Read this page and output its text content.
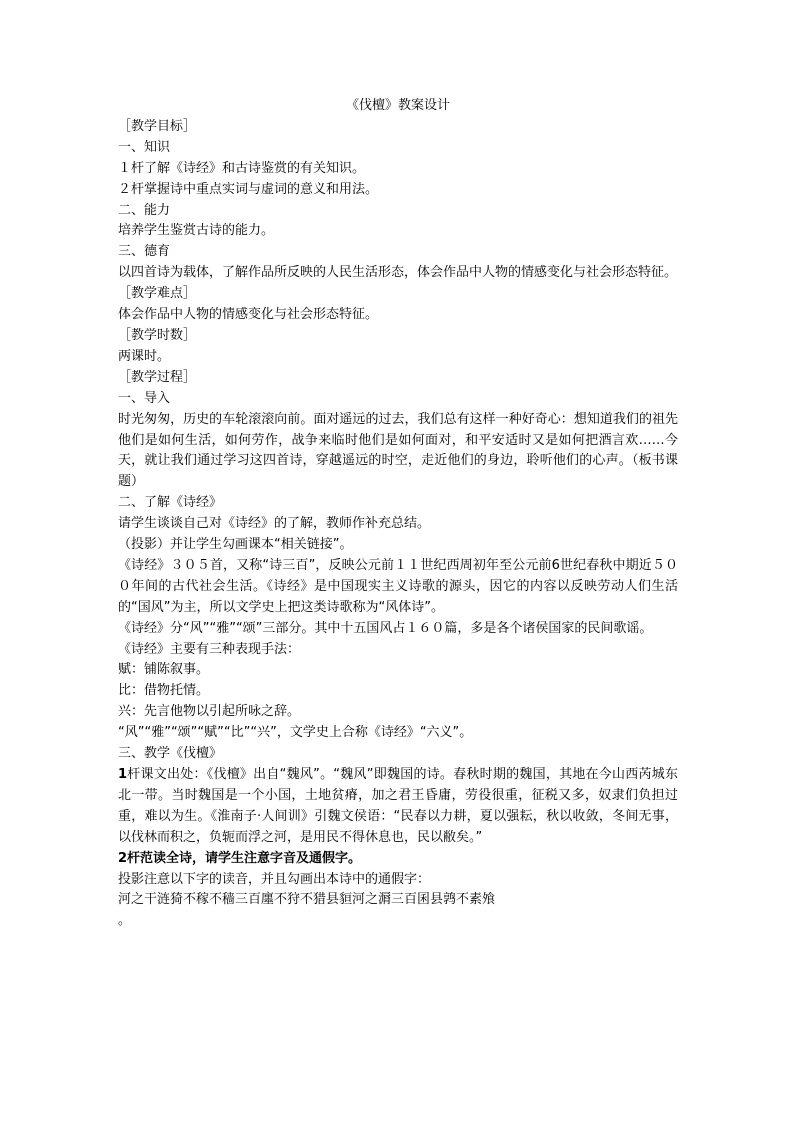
《伐檀》教案设计

［教学目标］

一、知识

１杆了解《诗经》和古诗鉴赏的有关知识。

２杆掌握诗中重点实词与虚词的意义和用法。

二、能力

培养学生鉴赏古诗的能力。

三、德育

以四首诗为载体，了解作品所反映的人民生活形态，体会作品中人物的情感变化与社会形态特征。

［教学难点］

体会作品中人物的情感变化与社会形态特征。

［教学时数］

两课时。

［教学过程］

一、导入

时光匆匆，历史的车轮滚滚向前。面对遥远的过去，我们总有这样一种好奇心：想知道我们的祖先他们是如何生活，如何劳作，战争来临时他们是如何面对，和平安适时又是如何把酒言欢……今天，就让我们通过学习这四首诗，穿越遥远的时空，走近他们的身边，聆听他们的心声。（板书课题）

二、了解《诗经》

请学生谈谈自己对《诗经》的了解，教师作补充总结。

（投影）并让学生勾画课本“相关链接”。

《诗经》３０５首，又称“诗三百”，反映公元前１１世纪西周初年至公元前6世纪春秋中期近５００年间的古代社会生活。《诗经》是中国现实主义诗歌的源头，因它的内容以反映劳动人们生活的“国风”为主，所以文学史上把这类诗歌称为“风体诗”。

《诗经》分“风”“雅”“颂”三部分。其中十五国风占１６０篇，多是各个诸侯国家的民间歌谣。

《诗经》主要有三种表现手法：

赋：铺陈叙事。

比：借物托情。

兴：先言他物以引起所咏之辞。

“风”“雅”“颂”“赋”“比”“兴”，文学史上合称《诗经》“六义”。

三、教学《伐檀》

1杆课文出处：《伐檀》出自“魏风”。“魏风”即魏国的诗。春秋时期的魏国，其地在今山西芮城东北一带。当时魏国是一个小国，土地贫瘠，加之君王昏庸，劳役很重，征税又多，奴隶们负担过重，难以为生。《淮南子·人间训》引魏文侯语：“民春以力耕，夏以强耘，秋以收敛，冬间无事，以伐林而积之，负轭而浮之河，是用民不得休息也，民以敝矣。”

2杆范读全诗，请学生注意字音及通假字。

投影注意以下字的读音，并且勾画出本诗中的通假字：

河之干涟猗不稼不穑三百廛不狩不猎县貆河之漘三百囷县鹑不素飧

。
